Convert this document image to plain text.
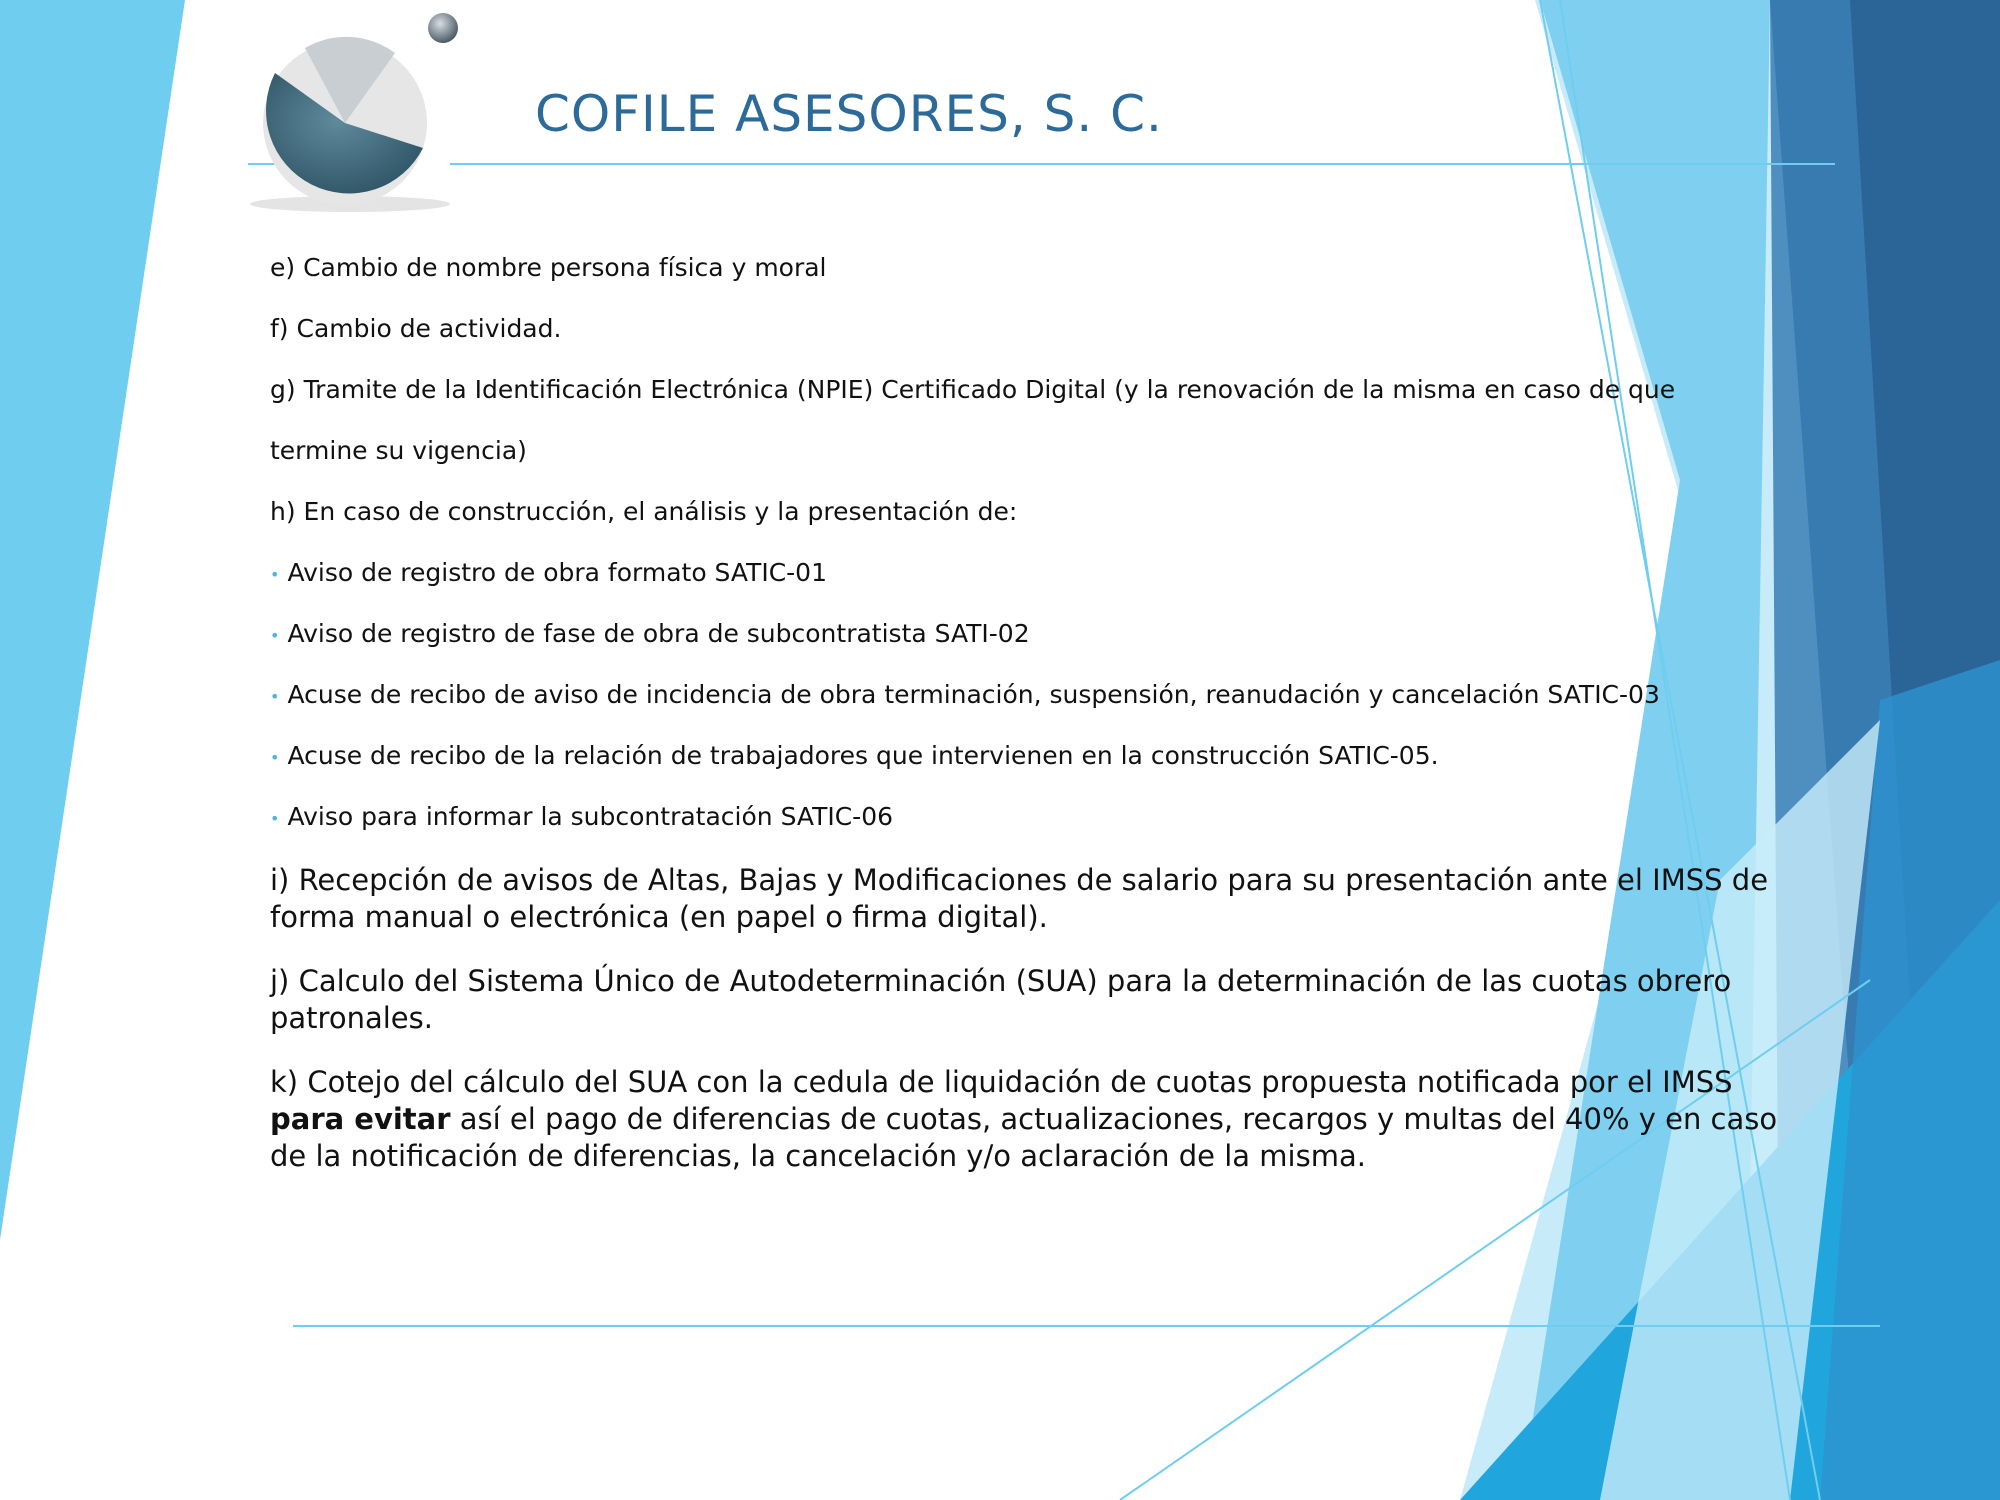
COFILE ASESORES, S. C.
e) Cambio de nombre persona física y moral
f) Cambio de actividad.
g) Tramite de la Identificación Electrónica (NPIE) Certificado Digital (y la renovación de la misma en caso de que
termine su vigencia)
h) En caso de construcción, el análisis y la presentación de:
• Aviso de registro de obra formato SATIC-01
• Aviso de registro de fase de obra de subcontratista SATI-02
• Acuse de recibo de aviso de incidencia de obra terminación, suspensión, reanudación y cancelación SATIC-03
• Acuse de recibo de la relación de trabajadores que intervienen en la construcción SATIC-05.
• Aviso para informar la subcontratación SATIC-06
i) Recepción de avisos de Altas, Bajas y Modificaciones de salario para su presentación ante el IMSS de forma manual o electrónica (en papel o firma digital).
j) Calculo del Sistema Único de Autodeterminación (SUA) para la determinación de las cuotas obrero patronales.
k) Cotejo del cálculo del SUA con la cedula de liquidación de cuotas propuesta notificada por el IMSS para evitar así el pago de diferencias de cuotas, actualizaciones, recargos y multas del 40% y en caso de la notificación de diferencias, la cancelación y/o aclaración de la misma.
